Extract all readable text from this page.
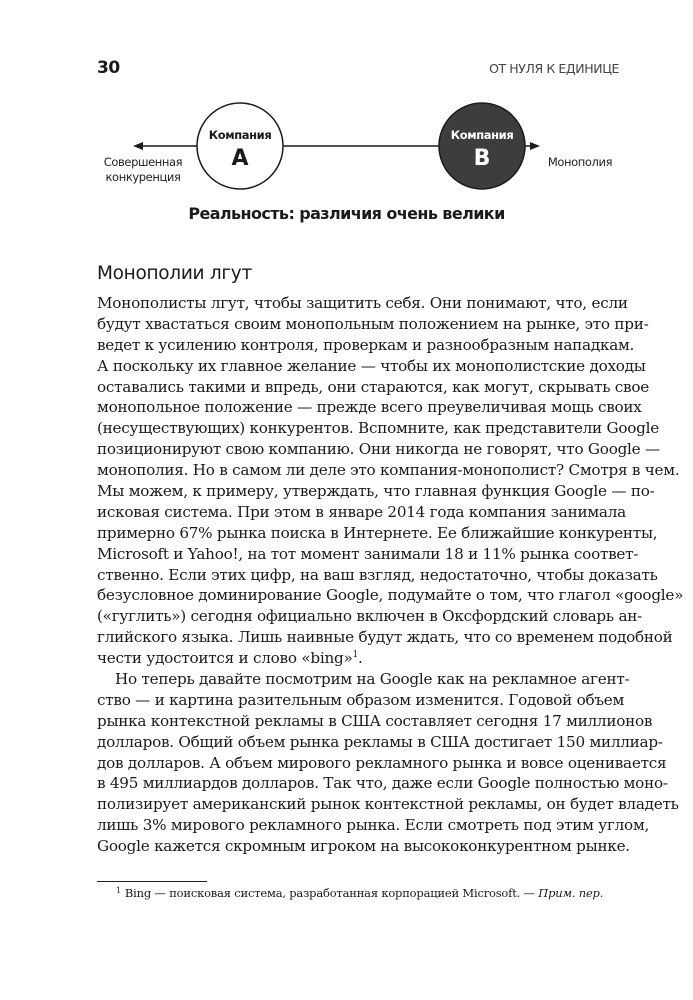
30	ОТ НУЛЯ К ЕДИНИЦЕ
Совершенная
конкуренция
Монополия
Компания
A
Компания
B
Реальность: различия очень велики
Монополии лгут
Монополисты лгут, чтобы защитить себя. Они понимают, что, если
будут хвастаться своим монопольным положением на рынке, это при-
ведет к усилению контроля, проверкам и разнообразным нападкам.
А поскольку их главное желание — чтобы их монополистские доходы
оставались такими и впредь, они стараются, как могут, скрывать свое
монопольное положение — прежде всего преувеличивая мощь своих
(несуществующих) конкурентов. Вспомните, как представители Google
позиционируют свою компанию. Они никогда не говорят, что Google —
монополия. Но в самом ли деле это компания-монополист? Смотря в чем.
Мы можем, к примеру, утверждать, что главная функция Google — по-
исковая система. При этом в январе 2014 года компания занимала
примерно 67% рынка поиска в Интернете. Ее ближайшие конкуренты,
Microsoft и Yahoo!, на тот момент занимали 18 и 11% рынка соответ-
ственно. Если этих цифр, на ваш взгляд, недостаточно, чтобы доказать
безусловное доминирование Google, подумайте о том, что глагол «google»
(«гуглить») сегодня официально включен в Оксфордский словарь ан-
глийского языка. Лишь наивные будут ждать, что со временем подобной
чести удостоится и слово «bing»$^1$.
Но теперь давайте посмотрим на Google как на рекламное агент-
ство — и картина разительным образом изменится. Годовой объем
рынка контекстной рекламы в США составляет сегодня 17 миллионов
долларов. Общий объем рынка рекламы в США достигает 150 миллиар-
дов долларов. А объем мирового рекламного рынка и вовсе оценивается
в 495 миллиардов долларов. Так что, даже если Google полностью моно-
полизирует американский рынок контекстной рекламы, он будет владеть
лишь 3% мирового рекламного рынка. Если смотреть под этим углом,
Google кажется скромным игроком на высококонкурентном рынке.
$^1$ Bing — поисковая система, разработанная корпорацией Microsoft. — Прим. пер.
